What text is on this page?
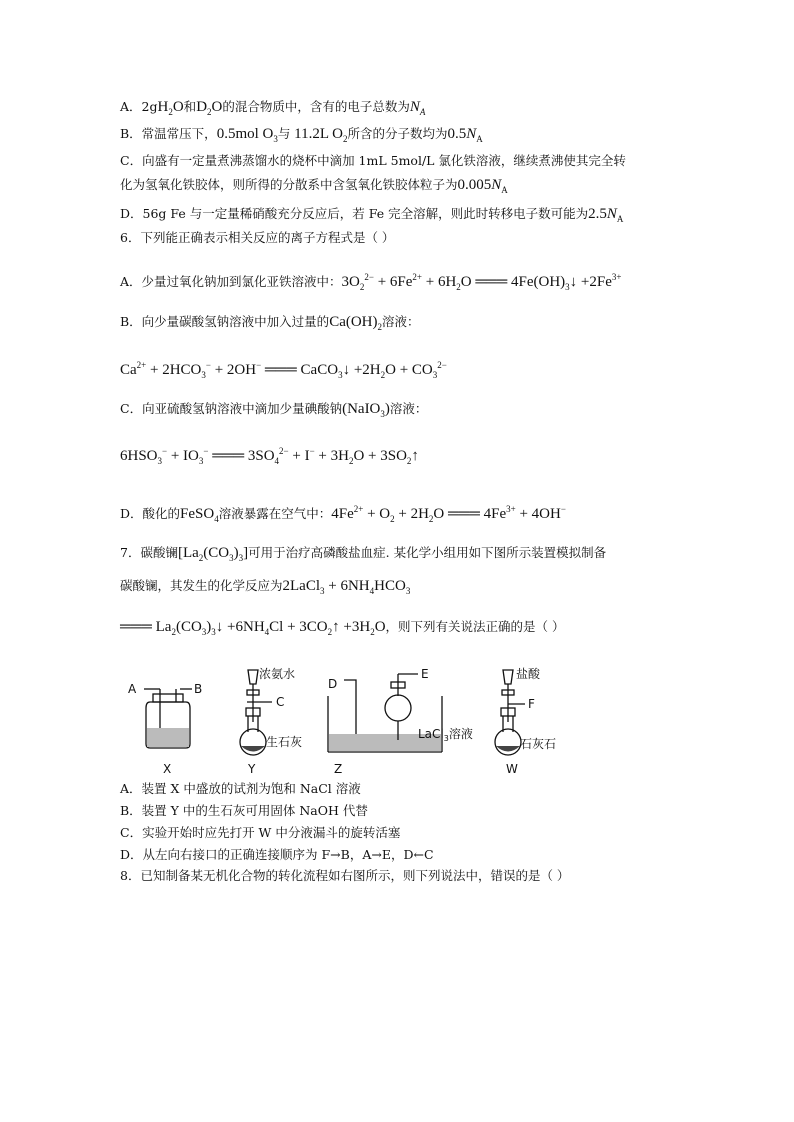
A．$2gH_2O$和$D_2O$的混合物质中，含有的电子总数为$N_A$
B．常温常压下，0.5mol $O_3$与 11.2L $O_2$所含的分子数均为$0.5N_A$
C．向盛有一定量煮沸蒸馏水的烧杯中滴加 1mL 5mol/L 氯化铁溶液，继续煮沸使其完全转
化为氢氧化铁胶体，则所得的分散系中含氢氧化铁胶体粒子为$0.005N_A$
D．56g Fe 与一定量稀硝酸充分反应后，若 Fe 完全溶解，则此时转移电子数可能为$2.5N_A$
6．下列能正确表示相关反应的离子方程式是（ ）
A．少量过氧化钠加到氯化亚铁溶液中：$3O_2^{2-} + 6Fe^{2+} + 6H_2O$ ═══ $4Fe(OH)_3↓ +2Fe^{3+}$
B．向少量碳酸氢钠溶液中加入过量的$Ca(OH)_2$溶液：
$Ca^{2+} + 2HCO_3^- + 2OH^-$ ═══ CaCO$_3$↓ $+2H_2O + CO_3^{2-}$
C．向亚硫酸氢钠溶液中滴加少量碘酸钠(NaIO$_3$)溶液：
$6HSO_3^- + IO_3^-$ ═══ $3SO_4^{2-} + I^- + 3H_2O$ + $3SO_2↑$
D．酸化的FeSO$_4$溶液暴露在空气中：$4Fe^{2+} + O_2 + 2H_2O$ ═══ $4Fe^{3+} + 4OH^-$
7．碳酸镧$[La_2(CO_3)_3]$可用于治疗高磷酸盐血症. 某化学小组用如下图所示装置模拟制备
碳酸镧，其发生的化学反应为2LaCl$_3$ + $6NH_4HCO_3$
═══ $La_2(CO_3)_3↓ +6NH_4Cl$ + $3CO_2↑ +3H_2O$，则下列有关说法正确的是（ ）
A	B
X
浓氨水
C
生石灰
Y
D
E
LaCl$_3$溶液
Z
盐酸
F
石灰石
W
A．装置 X 中盛放的试剂为饱和 NaCl 溶液
B．装置 Y 中的生石灰可用固体 NaOH 代替
C．实验开始时应先打开 W 中分液漏斗的旋转活塞
D．从左向右接口的正确连接顺序为 F→B，A→E，D←C
8．已知制备某无机化合物的转化流程如右图所示，则下列说法中，错误的是（ ）
